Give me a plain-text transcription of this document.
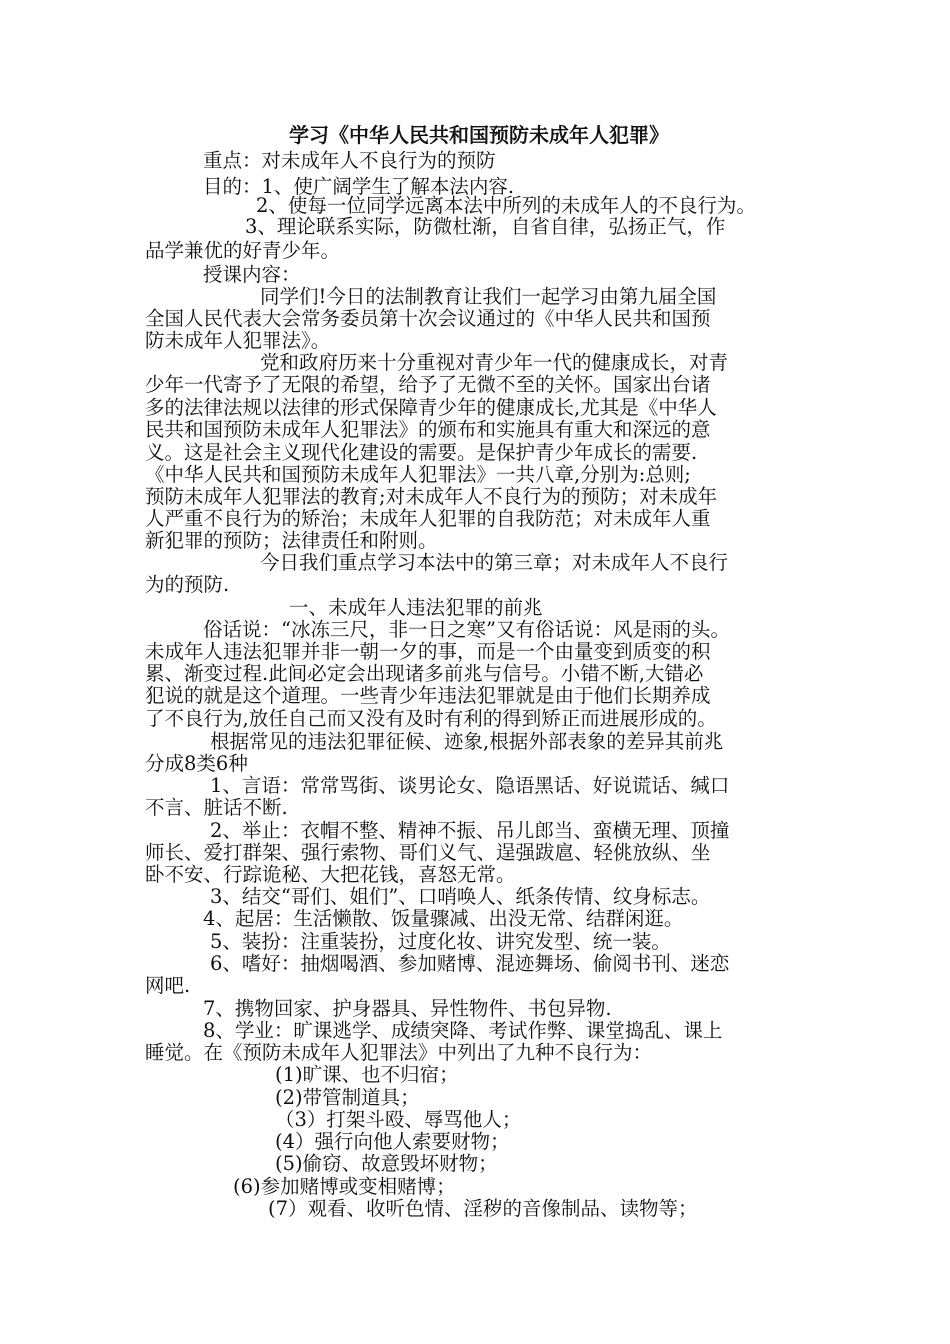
学习《中华人民共和国预防未成年人犯罪》
重点：对未成年人不良行为的预防
目的：1、使广阔学生了解本法内容.
2、使每一位同学远离本法中所列的未成年人的不良行为。
3、理论联系实际，防微杜渐，自省自律，弘扬正气，作
品学兼优的好青少年。
授课内容：
同学们!今日的法制教育让我们一起学习由第九届全国
全国人民代表大会常务委员第十次会议通过的《中华人民共和国预
防未成年人犯罪法》。
党和政府历来十分重视对青少年一代的健康成长，对青
少年一代寄予了无限的希望，给予了无微不至的关怀。国家出台诸
多的法律法规以法律的形式保障青少年的健康成长,尤其是《中华人
民共和国预防未成年人犯罪法》的颁布和实施具有重大和深远的意
义。这是社会主义现代化建设的需要。是保护青少年成长的需要.
《中华人民共和国预防未成年人犯罪法》一共八章,分别为:总则;
预防未成年人犯罪法的教育;对未成年人不良行为的预防；对未成年
人严重不良行为的矫治；未成年人犯罪的自我防范；对未成年人重
新犯罪的预防；法律责任和附则。
今日我们重点学习本法中的第三章；对未成年人不良行
为的预防.
一、未成年人违法犯罪的前兆
俗话说：“冰冻三尺，非一日之寒”又有俗话说：风是雨的头。
未成年人违法犯罪并非一朝一夕的事，而是一个由量变到质变的积
累、渐变过程.此间必定会出现诸多前兆与信号。小错不断,大错必
犯说的就是这个道理。一些青少年违法犯罪就是由于他们长期养成
了不良行为,放任自己而又没有及时有利的得到矫正而进展形成的。
根据常见的违法犯罪征候、迹象,根据外部表象的差异其前兆
分成8类6种
1、言语：常常骂街、谈男论女、隐语黑话、好说谎话、缄口
不言、脏话不断.
2、举止：衣帽不整、精神不振、吊儿郎当、蛮横无理、顶撞
师长、爱打群架、强行索物、哥们义气、逞强跋扈、轻佻放纵、坐
卧不安、行踪诡秘、大把花钱，喜怒无常。
3、结交“哥们、姐们”、口哨唤人、纸条传情、纹身标志。
4、起居：生活懒散、饭量骤减、出没无常、结群闲逛。
5、装扮：注重装扮，过度化妆、讲究发型、统一装。
6、嗜好：抽烟喝酒、参加赌博、混迹舞场、偷阅书刊、迷恋
网吧.
7、携物回家、护身器具、异性物件、书包异物.
8、学业：旷课逃学、成绩突降、考试作弊、课堂捣乱、课上
睡觉。在《预防未成年人犯罪法》中列出了九种不良行为：
(1)旷课、也不归宿；
(2)带管制道具；
（3）打架斗殴、辱骂他人；
(4）强行向他人索要财物；
(5)偷窃、故意毁坏财物；
(6)参加赌博或变相赌博；
(7）观看、收听色情、淫秽的音像制品、读物等；
